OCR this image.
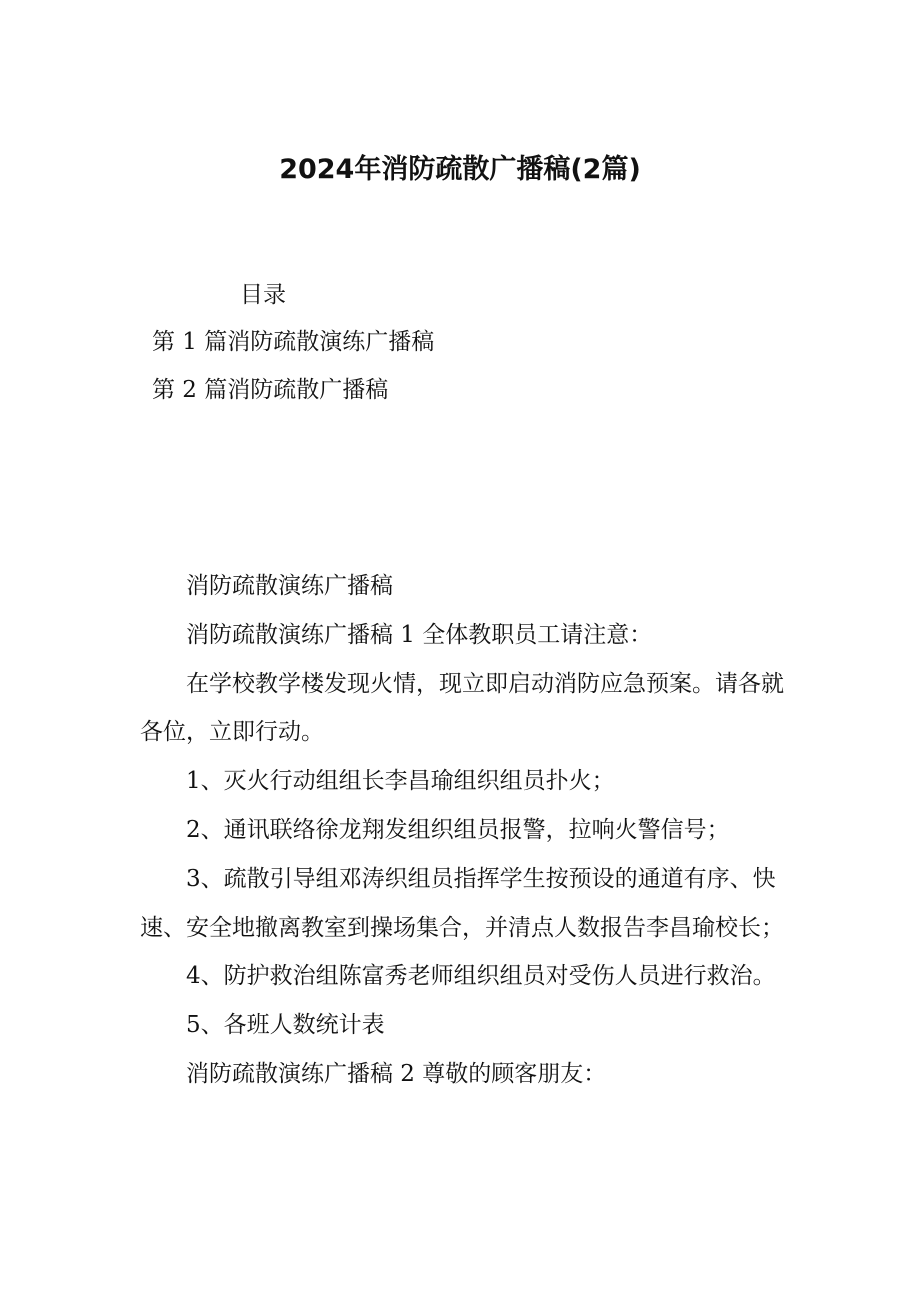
2024年消防疏散广播稿(2篇)

目录

第 1 篇消防疏散演练广播稿

第 2 篇消防疏散广播稿

消防疏散演练广播稿

消防疏散演练广播稿 1 全体教职员工请注意：

在学校教学楼发现火情，现立即启动消防应急预案。请各就各位，立即行动。

1、灭火行动组组长李昌瑜组织组员扑火；

2、通讯联络徐龙翔发组织组员报警，拉响火警信号；

3、疏散引导组邓涛织组员指挥学生按预设的通道有序、快速、安全地撤离教室到操场集合，并清点人数报告李昌瑜校长；

4、防护救治组陈富秀老师组织组员对受伤人员进行救治。

5、各班人数统计表

消防疏散演练广播稿 2 尊敬的顾客朋友：
